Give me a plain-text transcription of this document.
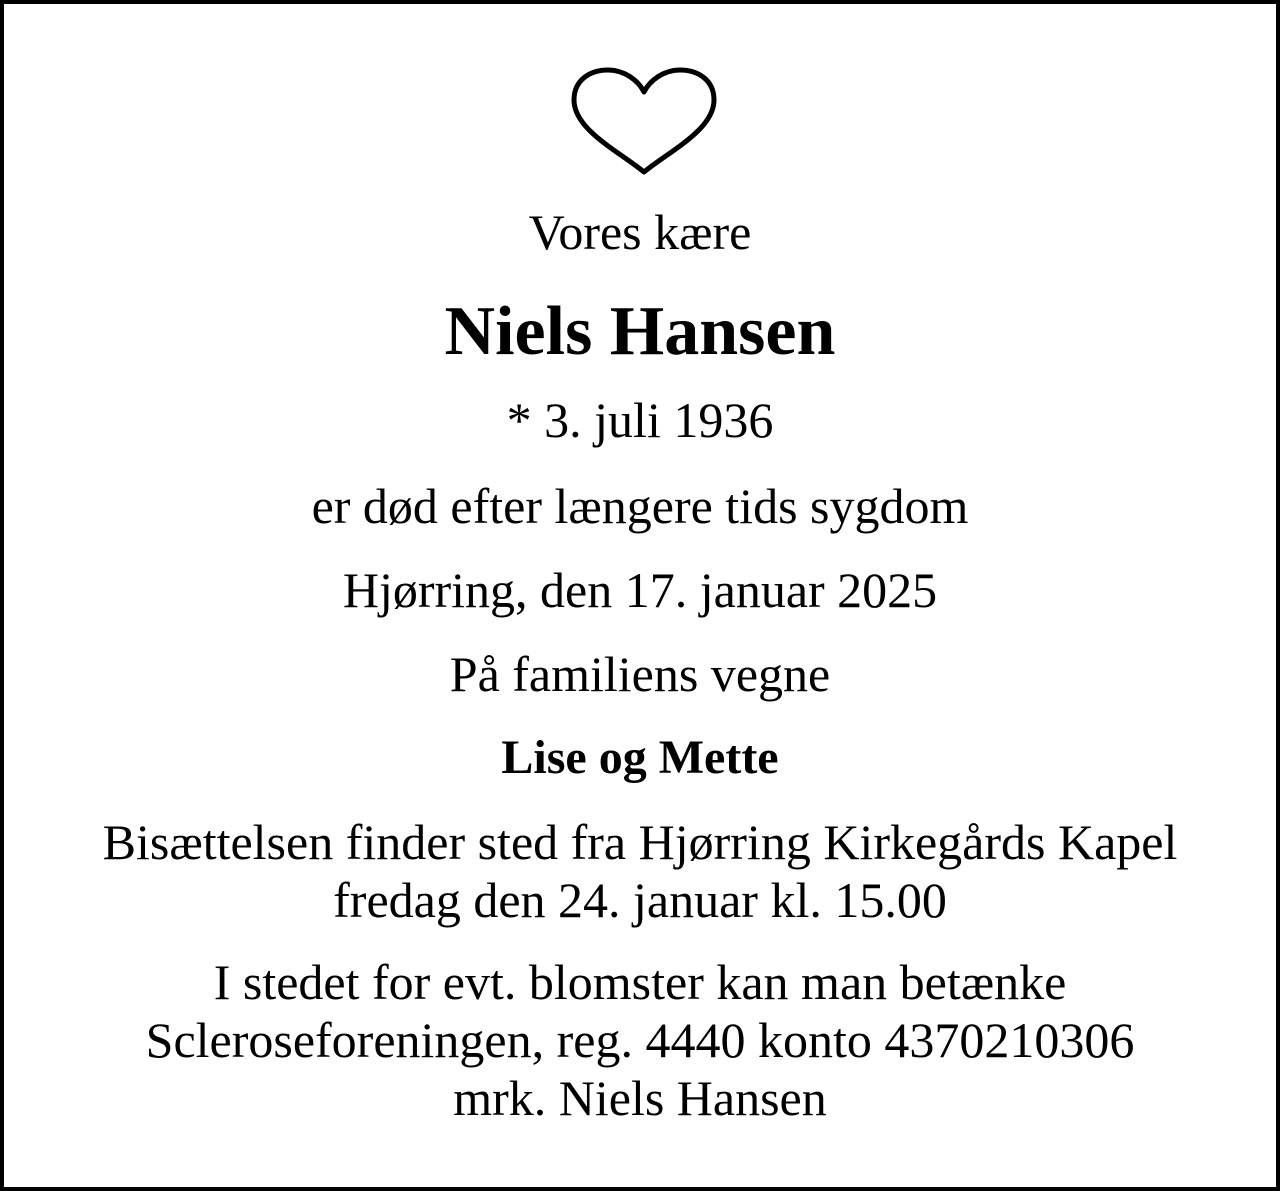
Vores kære
Niels Hansen
* 3. juli 1936
er død efter længere tids sygdom
Hjørring, den 17. januar 2025
På familiens vegne
Lise og Mette
Bisættelsen finder sted fra Hjørring Kirkegårds Kapel
fredag den 24. januar kl. 15.00
I stedet for evt. blomster kan man betænke
Scleroseforeningen, reg. 4440 konto 4370210306
mrk. Niels Hansen
